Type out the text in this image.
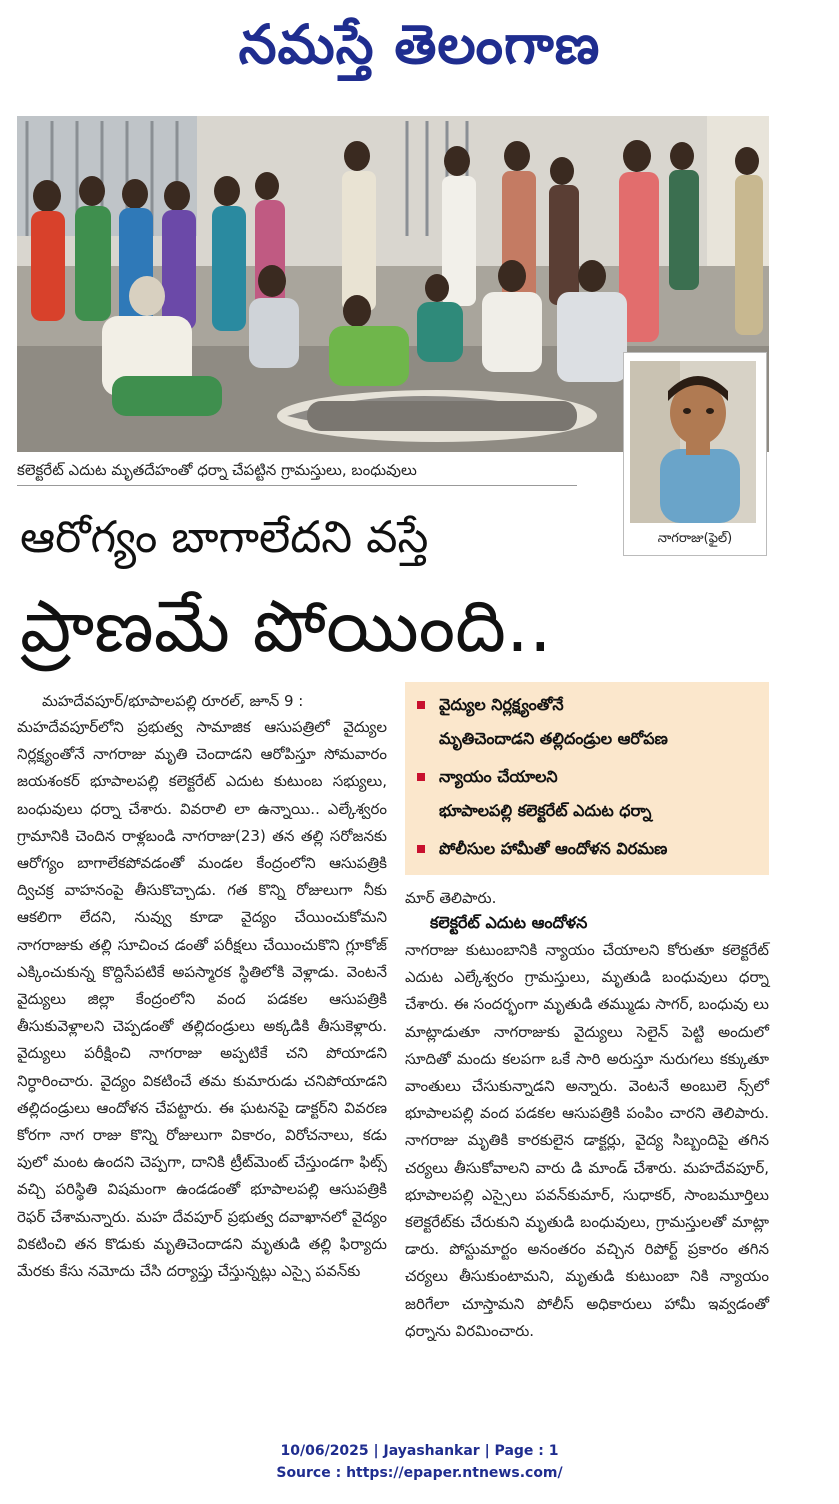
నమస్తే తెలంగాణ
కలెక్టరేట్ ఎదుట మృతదేహంతో ధర్నా చేపట్టిన గ్రామస్తులు, బంధువులు
నాగరాజు(ఫైల్)
ఆరోగ్యం బాగాలేదని వస్తే
ప్రాణమే పోయింది..
మహదేవపూర్/భూపాలపల్లి రూరల్, జూన్ 9 :

మహదేవపూర్‌లోని ప్రభుత్వ సామాజిక ఆసుపత్రిలో వైద్యుల నిర్లక్ష్యంతోనే నాగరాజు మృతి చెందాడని ఆరోపిస్తూ సోమవారం జయశంకర్ భూపాలపల్లి కలెక్టరేట్ ఎదుట కుటుంబ సభ్యులు, బంధువులు ధర్నా చేశారు. వివరాలి లా ఉన్నాయి.. ఎల్కేశ్వరం గ్రామానికి చెందిన రాళ్లబండి నాగరాజు(23) తన తల్లి సరోజనకు ఆరోగ్యం బాగాలేకపోవడంతో మండల కేంద్రంలోని ఆసుపత్రికి ద్విచక్ర వాహనంపై తీసుకొచ్చాడు. గత కొన్ని రోజులుగా నీకు ఆకలిగా లేదని, నువ్వు కూడా వైద్యం చేయించుకోమని నాగరాజుకు తల్లి సూచించ డంతో పరీక్షలు చేయించుకొని గ్లూకోజ్ ఎక్కించుకున్న కొద్దిసేపటికే అపస్మారక స్థితిలోకి వెళ్లాడు. వెంటనే వైద్యులు జిల్లా కేంద్రంలోని వంద పడకల ఆసుపత్రికి తీసుకువెళ్లాలని చెప్పడంతో తల్లిదండ్రులు అక్కడికి తీసుకెళ్లారు. వైద్యులు పరీక్షించి నాగరాజు అప్పటికే చని పోయాడని నిర్ధారించారు. వైద్యం వికటించే తమ కుమారుడు చనిపోయాడని తల్లిదండ్రులు ఆందోళన చేపట్టారు. ఈ ఘటనపై డాక్టర్‌ని వివరణ కోరగా నాగ రాజు కొన్ని రోజులుగా వికారం, విరోచనాలు, కడు పులో మంట ఉందని చెప్పగా, దానికి ట్రీట్‌మెంట్ చేస్తుండగా ఫిట్స్ వచ్చి పరిస్థితి విషమంగా ఉండడంతో భూపాలపల్లి ఆసుపత్రికి రెఫర్ చేశామన్నారు. మహ దేవపూర్ ప్రభుత్వ దవాఖానలో వైద్యం వికటించి తన కొడుకు మృతిచెందాడని మృతుడి తల్లి ఫిర్యాదు మేరకు కేసు నమోదు చేసి దర్యాప్తు చేస్తున్నట్లు ఎస్సై పవన్‌కు

వైద్యుల నిర్లక్ష్యంతోనే
మృతిచెందాడని తల్లిదండ్రుల ఆరోపణ
న్యాయం చేయాలని
భూపాలపల్లి కలెక్టరేట్ ఎదుట ధర్నా
పోలీసుల హామీతో ఆందోళన విరమణ
మార్ తెలిపారు.
కలెక్టరేట్ ఎదుట ఆందోళన

నాగరాజు కుటుంబానికి న్యాయం చేయాలని కోరుతూ కలెక్టరేట్ ఎదుట ఎల్కేశ్వరం గ్రామస్తులు, మృతుడి బంధువులు ధర్నా చేశారు. ఈ సందర్భంగా మృతుడి తమ్ముడు సాగర్, బంధువు లు మాట్లాడుతూ నాగరాజుకు వైద్యులు సెలైన్ పెట్టి అందులో సూదితో మందు కలపగా ఒకే సారి అరుస్తూ నురుగలు కక్కుతూ వాంతులు చేసుకున్నాడని అన్నారు. వెంటనే అంబులె న్స్‌లో భూపాలపల్లి వంద పడకల ఆసుపత్రికి పంపిం చారని తెలిపారు. నాగరాజు మృతికి కారకులైన డాక్టర్లు, వైద్య సిబ్బందిపై తగిన చర్యలు తీసుకోవాలని వారు డి మాండ్ చేశారు. మహదేవపూర్, భూపాలపల్లి ఎస్సైలు పవన్‌కుమార్, సుధాకర్, సాంబమూర్తిలు కలెక్టరేట్‌కు చేరుకుని మృతుడి బంధువులు, గ్రామస్తులతో మాట్లా డారు. పోస్టుమార్టం అనంతరం వచ్చిన రిపోర్ట్ ప్రకారం తగిన చర్యలు తీసుకుంటామని, మృతుడి కుటుంబా నికి న్యాయం జరిగేలా చూస్తామని పోలీస్ అధికారులు హామీ ఇవ్వడంతో ధర్నాను విరమించారు.

10/06/2025 | Jayashankar | Page : 1
Source : https://epaper.ntnews.com/
